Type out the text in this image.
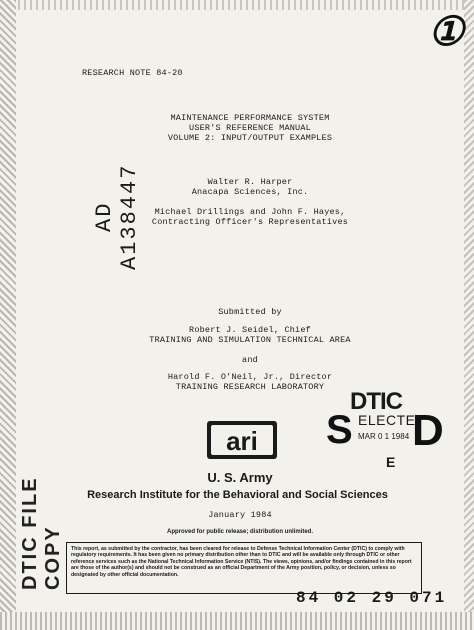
①
RESEARCH NOTE 84-20
MAINTENANCE PERFORMANCE SYSTEM
USER'S REFERENCE MANUAL
VOLUME 2: INPUT/OUTPUT EXAMPLES
AD A138447	Walter R. Harper
Anacapa Sciences, Inc.
Michael Drillings and John F. Hayes,
Contracting Officer's Representatives
Submitted by
Robert J. Seidel, Chief
TRAINING AND SIMULATION TECHNICAL AREA
and
Harold F. O'Neil, Jr., Director
TRAINING RESEARCH LABORATORY
S
DTIC
ELECTE
MAR 0 1 1984 D
E
ari
U. S. Army
Research Institute for the Behavioral and Social Sciences
January 1984
Approved for public release; distribution unlimited.
This report, as submitted by the contractor, has been cleared for release to Defense Technical Information Center (DTIC) to comply with regulatory requirements. It has been given no primary distribution other than to DTIC and will be available only through DTIC or other reference services such as the National Technical Information Service (NTIS). The views, opinions, and/or findings contained in this report are those of the author(s) and should not be construed as an official Department of the Army position, policy, or decision, unless so designated by other official documentation.
DTIC FILE COPY
84 02 29 071
